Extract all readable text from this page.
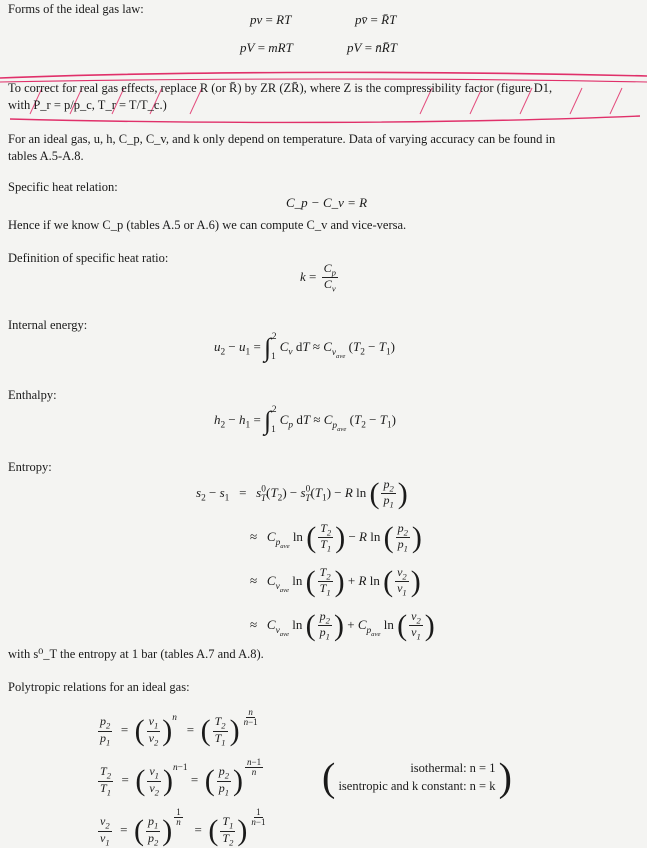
Forms of the ideal gas law:
pv = RT	pv̄ = R̄T
pV = mRT	pV = n̄R̄T
To correct for real gas effects, replace R (or R̄) by ZR (ZR̄), where Z is the compressibility factor (figure D1,
with P_r = p/p_c, T_r = T/T_c.)
For an ideal gas, u, h, C_p, C_v, and k only depend on temperature. Data of varying accuracy can be found in
tables A.5-A.8.
Specific heat relation:
C_p − C_v = R
Hence if we know C_p (tables A.5 or A.6) we can compute C_v and vice-versa.
Definition of specific heat ratio:
$k = \frac{C_p}{C_v}$
Internal energy:
$u_2 - u_1 = \int_1^2$ $C_v$ dT ≈ $C_{v_{ave}}$ $(T_2 - T_1)$
Enthalpy:
$h_2 - h_1 = \int_1^2$ $C_p$ dT ≈ $C_{p_{ave}}$ $(T_2 - T_1)$
Entropy:
$s_2 - s_1 = s^0_T(T_2) - s^0_T(T_1) - R$ ln ( $\frac{p_2}{p_1}$ )
≈   $C_{p_{ave}}$ ln ( $\frac{T_2}{T_1}$ ) − R ln ( $\frac{p_2}{p_1}$ )
≈   $C_{v_{ave}}$ ln ( $\frac{T_2}{T_1}$ ) + R ln ( $\frac{v_2}{v_1}$ )
≈   $C_{v_{ave}}$ ln ( $\frac{p_2}{p_1}$ ) + $C_{p_{ave}}$ ln ( $\frac{v_2}{v_1}$ )
with s⁰_T the entropy at 1 bar (tables A.7 and A.8).
Polytropic relations for an ideal gas:
$\frac{p_2}{p_1}$ =  ( $\frac{v_1}{v_2} )^n$   =  ( $\frac{T_2}{T_1}$ ) $^{\frac{n}{n-1}}$
$\frac{T_2}{T_1}$ =  ( $\frac{v_1}{v_2} )^{n-1}$ =  ( $\frac{p_2}{p_1}$ ) $^{\frac{n-1}{n}}$
$\frac{v_2}{v_1}$ =  ( $\frac{p_1}{p_2}$ ) $^{\frac{1}{n}}$
=  ( $\frac{T_1}{T_2}$ ) $^{\frac{1}{n-1}}$
(	isothermal: n = 1
isentropic and k constant: n = k )
